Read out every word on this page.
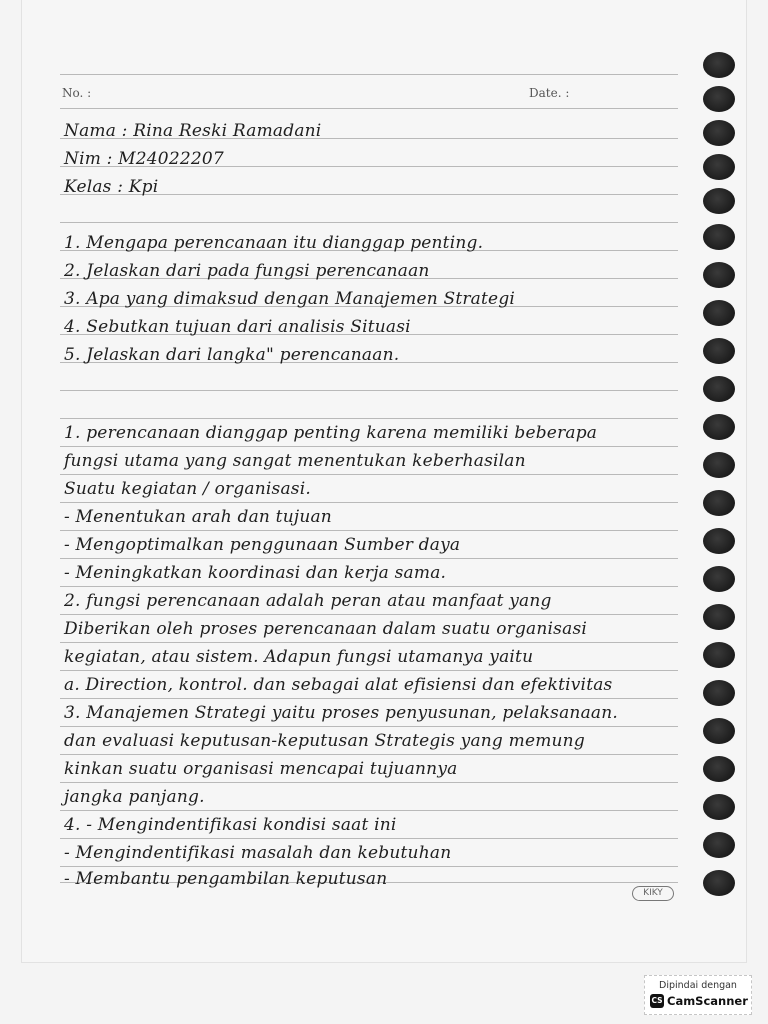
No. :	Date. :
Nama : Rina Reski Ramadani
Nim : M24022207
Kelas : Kpi
1. Mengapa perencanaan itu dianggap penting.
2. Jelaskan dari pada fungsi perencanaan
3. Apa yang dimaksud dengan Manajemen Strategi
4. Sebutkan tujuan dari analisis Situasi
5. Jelaskan dari langka" perencanaan.
1. perencanaan dianggap penting karena memiliki beberapa
fungsi utama yang sangat menentukan keberhasilan
Suatu kegiatan / organisasi.
- Menentukan arah dan tujuan
- Mengoptimalkan penggunaan Sumber daya
- Meningkatkan koordinasi dan kerja sama.
2. fungsi perencanaan adalah peran atau manfaat yang
Diberikan oleh proses perencanaan dalam suatu organisasi
kegiatan, atau sistem. Adapun fungsi utamanya yaitu
a. Direction, kontrol. dan sebagai alat efisiensi dan efektivitas
3. Manajemen Strategi yaitu proses penyusunan, pelaksanaan.
dan evaluasi keputusan-keputusan Strategis yang memung
kinkan suatu organisasi mencapai tujuannya
jangka panjang.
4. - Mengindentifikasi kondisi saat ini
- Mengindentifikasi masalah dan kebutuhan
- Membantu pengambilan keputusan
KIKY
Dipindai dengan
CS CamScanner
